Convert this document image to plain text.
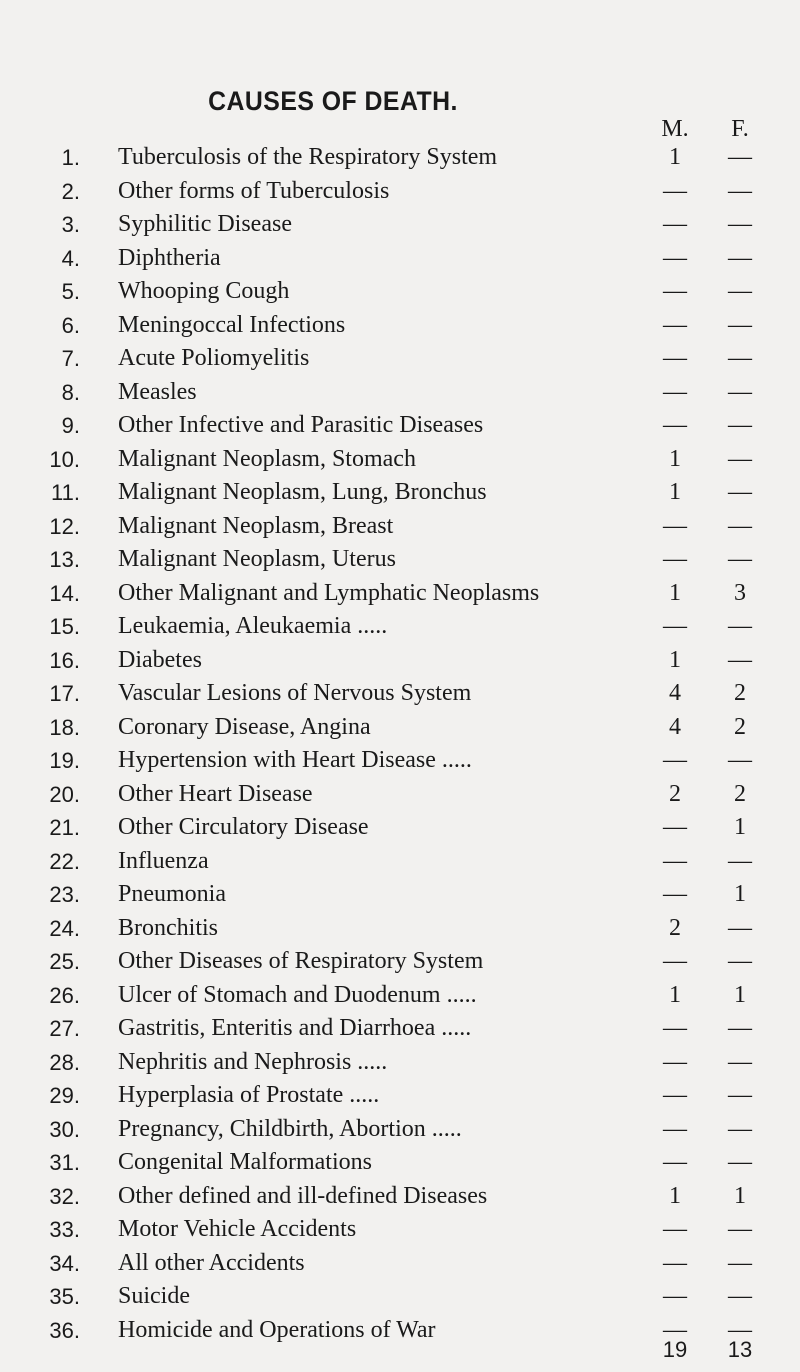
CAUSES OF DEATH.
M.	F.
1. Tuberculosis of the Respiratory System	1	—
2. Other forms of Tuberculosis	—	—
3. Syphilitic Disease	—	—
4. Diphtheria	—	—
5. Whooping Cough	—	—
6. Meningoccal Infections	—	—
7. Acute Poliomyelitis	—	—
8. Measles	—	—
9. Other Infective and Parasitic Diseases	—	—
10. Malignant Neoplasm, Stomach	1	—
11. Malignant Neoplasm, Lung, Bronchus	1	—
12. Malignant Neoplasm, Breast	—	—
13. Malignant Neoplasm, Uterus	—	—
14. Other Malignant and Lymphatic Neoplasms	1	3
15. Leukaemia, Aleukaemia .....	—	—
16. Diabetes	1	—
17. Vascular Lesions of Nervous System	4	2
18. Coronary Disease, Angina	4	2
19. Hypertension with Heart Disease .....	—	—
20. Other Heart Disease	2	2
21. Other Circulatory Disease	—	1
22. Influenza	—	—
23. Pneumonia	—	1
24. Bronchitis	2	—
25. Other Diseases of Respiratory System	—	—
26. Ulcer of Stomach and Duodenum .....	1	1
27. Gastritis, Enteritis and Diarrhoea .....	—	—
28. Nephritis and Nephrosis .....	—	—
29. Hyperplasia of Prostate .....	—	—
30. Pregnancy, Childbirth, Abortion .....	—	—
31. Congenital Malformations	—	—
32. Other defined and ill-defined Diseases	1	1
33. Motor Vehicle Accidents	—	—
34. All other Accidents	—	—
35. Suicide	—	—
36. Homicide and Operations of War	—	—
19	13
